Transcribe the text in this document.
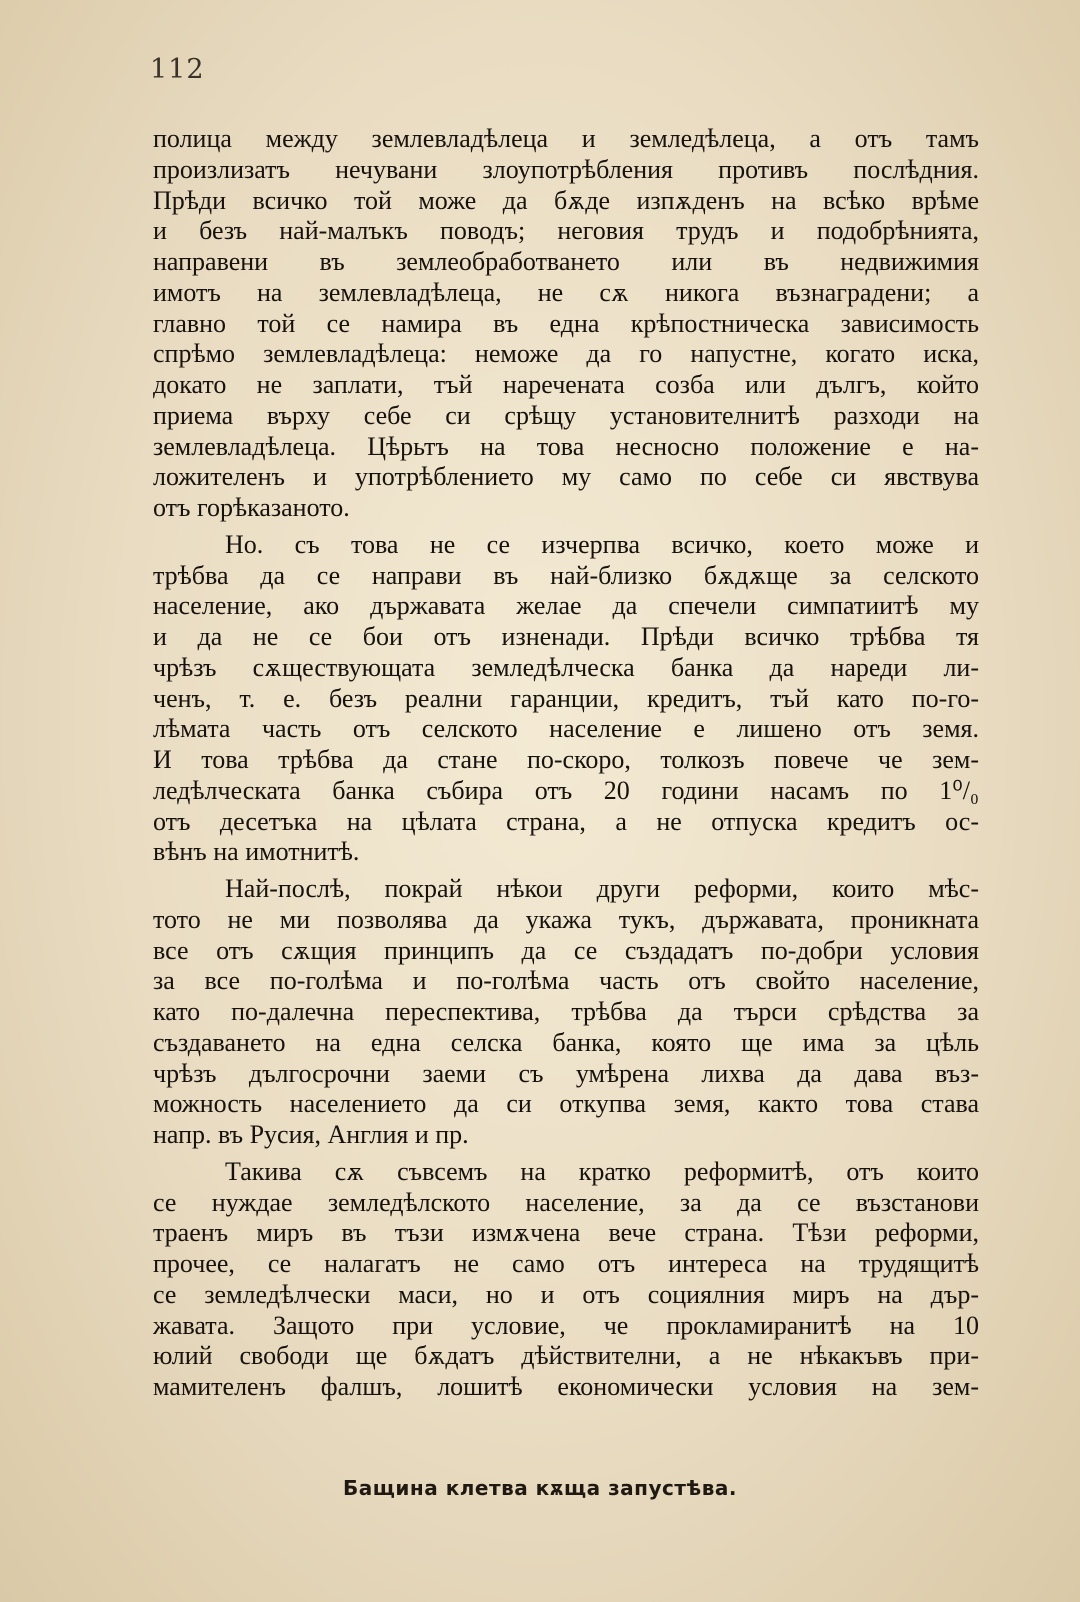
112
полица между землевладѣлеца и земледѣлеца, а отъ тамъ
произлизатъ нечувани злоупотрѣбления противъ послѣдния.
Прѣди всичко той може да бѫде изпѫденъ на всѣко врѣме
и безъ най-малъкъ поводъ; неговия трудъ и подобрѣнията,
направени въ землеобработването или въ недвижимия
имотъ на землевладѣлеца, не сѫ никога възнаградени; а
главно той се намира въ една крѣпостническа зависимость
спрѣмо землевладѣлеца: неможе да го напустне, когато иска,
докато не заплати, тъй наречената созба или дългъ, който
приема върху себе си срѣщу установителнитѣ разходи на
землевладѣлеца. Цѣрьтъ на това несносно положение е на-
ложителенъ и употрѣблението му само по себе си явствува
отъ горѣказаното.
Но. съ това не се изчерпва всичко, което може и
трѣбва да се направи въ най-близко бѫдѫще за селското
население, ако държавата желае да спечели симпатиитѣ му
и да не се бои отъ изненади. Прѣди всичко трѣбва тя
чрѣзъ сѫществующата земледѣлческа банка да нареди ли-
ченъ, т. е. безъ реални гаранции, кредитъ, тъй като по-го-
лѣмата часть отъ селското население е лишено отъ земя.
И това трѣбва да стане по-скоро, толкозъ повече че зем-
ледѣлческата банка събира отъ 20 години насамъ по 1⁰/₀
отъ десетъка на цѣлата страна, а не отпуска кредитъ ос-
вѣнъ на имотнитѣ.
Най-послѣ, покрай нѣкои други реформи, които мѣс-
тото не ми позволява да укажа тукъ, държавата, проникната
все отъ сѫщия принципъ да се създадатъ по-добри условия
за все по-голѣма и по-голѣма часть отъ свойто население,
като по-далечна переспектива, трѣбва да търси срѣдства за
създаването на една селска банка, която ще има за цѣль
чрѣзъ дългосрочни заеми съ умѣрена лихва да дава въз-
можность населението да си откупва земя, както това става
напр. въ Русия, Англия и пр.
Такива сѫ съвсемъ на кратко реформитѣ, отъ които
се нуждае земледѣлското население, за да се възстанови
траенъ миръ въ тъзи измѫчена вече страна. Тѣзи реформи,
прочее, се налагатъ не само отъ интереса на трудящитѣ
се земледѣлчески маси, но и отъ социялния миръ на дър-
жавата. Защото при условие, че прокламиранитѣ на 10
юлий свободи ще бѫдатъ дѣйствителни, а не нѣкакъвъ при-
мамителенъ фалшъ, лошитѣ економически условия на зем-
Бащина клетва кѫща запустѣва.
